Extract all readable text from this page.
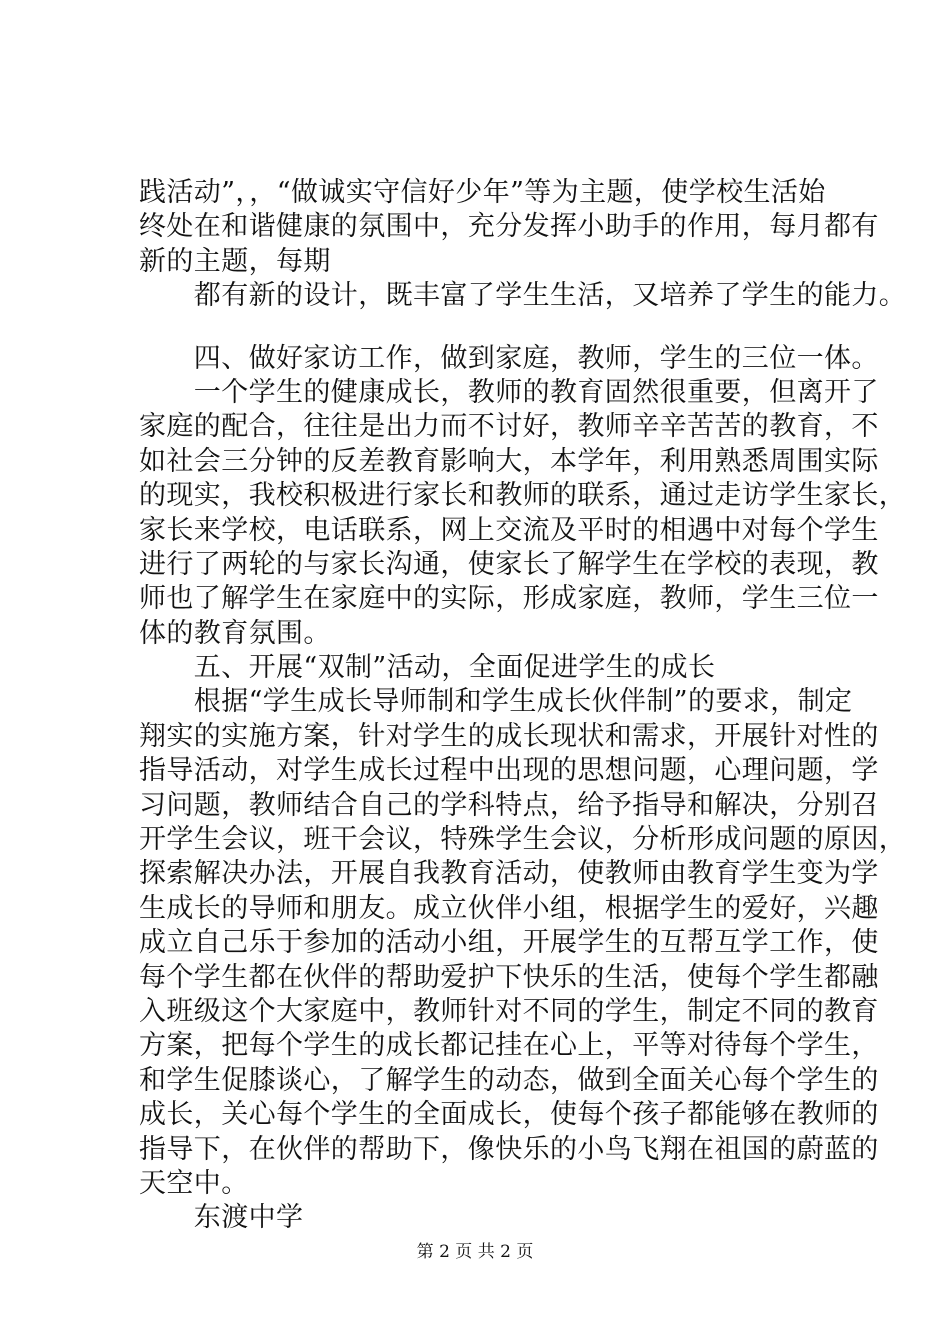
践活动”，，“做诚实守信好少年”等为主题，使学校生活始
终处在和谐健康的氛围中，充分发挥小助手的作用，每月都有
新的主题，每期
　　都有新的设计，既丰富了学生生活，又培养了学生的能力。
　　四、做好家访工作，做到家庭，教师，学生的三位一体。
　　一个学生的健康成长，教师的教育固然很重要，但离开了
家庭的配合，往往是出力而不讨好，教师辛辛苦苦的教育，不
如社会三分钟的反差教育影响大，本学年，利用熟悉周围实际
的现实，我校积极进行家长和教师的联系，通过走访学生家长，
家长来学校，电话联系，网上交流及平时的相遇中对每个学生
进行了两轮的与家长沟通，使家长了解学生在学校的表现，教
师也了解学生在家庭中的实际，形成家庭，教师，学生三位一
体的教育氛围。
　　五、开展“双制”活动，全面促进学生的成长
　　根据“学生成长导师制和学生成长伙伴制”的要求，制定
翔实的实施方案，针对学生的成长现状和需求，开展针对性的
指导活动，对学生成长过程中出现的思想问题，心理问题，学
习问题，教师结合自己的学科特点，给予指导和解决，分别召
开学生会议，班干会议，特殊学生会议，分析形成问题的原因，
探索解决办法，开展自我教育活动，使教师由教育学生变为学
生成长的导师和朋友。成立伙伴小组，根据学生的爱好，兴趣
成立自己乐于参加的活动小组，开展学生的互帮互学工作，使
每个学生都在伙伴的帮助爱护下快乐的生活，使每个学生都融
入班级这个大家庭中，教师针对不同的学生，制定不同的教育
方案，把每个学生的成长都记挂在心上，平等对待每个学生，
和学生促膝谈心，了解学生的动态，做到全面关心每个学生的
成长，关心每个学生的全面成长，使每个孩子都能够在教师的
指导下，在伙伴的帮助下，像快乐的小鸟飞翔在祖国的蔚蓝的
天空中。
　　东渡中学
第 2 页 共 2 页
